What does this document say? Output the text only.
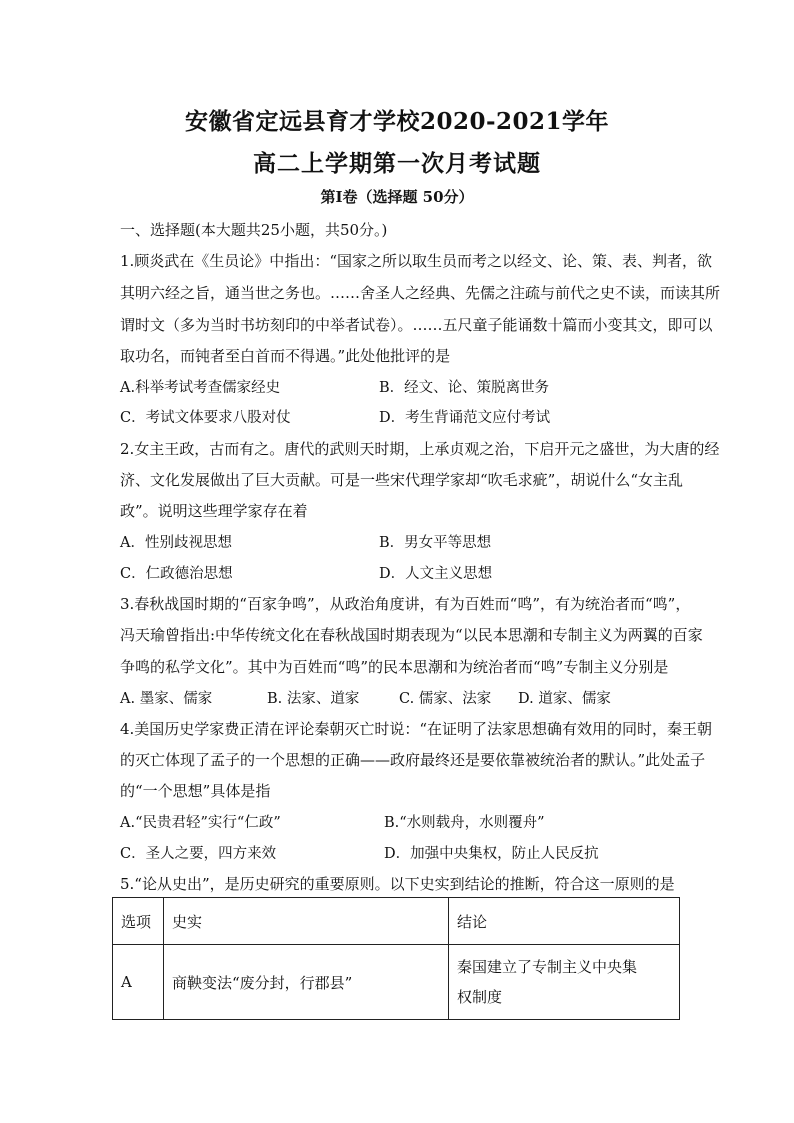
安徽省定远县育才学校2020-2021学年
高二上学期第一次月考试题
第Ⅰ卷（选择题 50分）
一、选择题(本大题共25小题，共50分。)
1.顾炎武在《生员论》中指出：“国家之所以取生员而考之以经文、论、策、表、判者，欲
其明六经之旨，通当世之务也。……舍圣人之经典、先儒之注疏与前代之史不读，而读其所
谓时文（多为当时书坊刻印的中举者试卷）。……五尺童子能诵数十篇而小变其文，即可以
取功名，而钝者至白首而不得遇。”此处他批评的是
A.科举考试考查儒家经史	B．经文、论、策脱离世务
C．考试文体要求八股对仗	D．考生背诵范文应付考试
2.女主王政，古而有之。唐代的武则天时期，上承贞观之治，下启开元之盛世，为大唐的经
济、文化发展做出了巨大贡献。可是一些宋代理学家却“吹毛求疵”，胡说什么“女主乱
政”。说明这些理学家存在着
A．性别歧视思想	B．男女平等思想
C．仁政德治思想	D．人文主义思想
3.春秋战国时期的“百家争鸣”，从政治角度讲，有为百姓而“鸣”，有为统治者而“鸣”，
冯天瑜曾指出:中华传统文化在春秋战国时期表现为“以民本思潮和专制主义为两翼的百家
争鸣的私学文化”。其中为百姓而“鸣”的民本思潮和为统治者而“鸣”专制主义分别是
A. 墨家、儒家	B. 法家、道家	C. 儒家、法家 D. 道家、儒家
4.美国历史学家费正清在评论秦朝灭亡时说：“在证明了法家思想确有效用的同时，秦王朝
的灭亡体现了孟子的一个思想的正确——政府最终还是要依靠被统治者的默认。”此处孟子
的“一个思想”具体是指
A.“民贵君轻”实行“仁政”	B.“水则载舟，水则覆舟”
C．圣人之要，四方来效	D．加强中央集权，防止人民反抗
5.“论从史出”，是历史研究的重要原则。以下史实到结论的推断，符合这一原则的是
选项	史实	结论
A	商鞅变法“废分封，行郡县”	秦国建立了专制主义中央集
权制度
